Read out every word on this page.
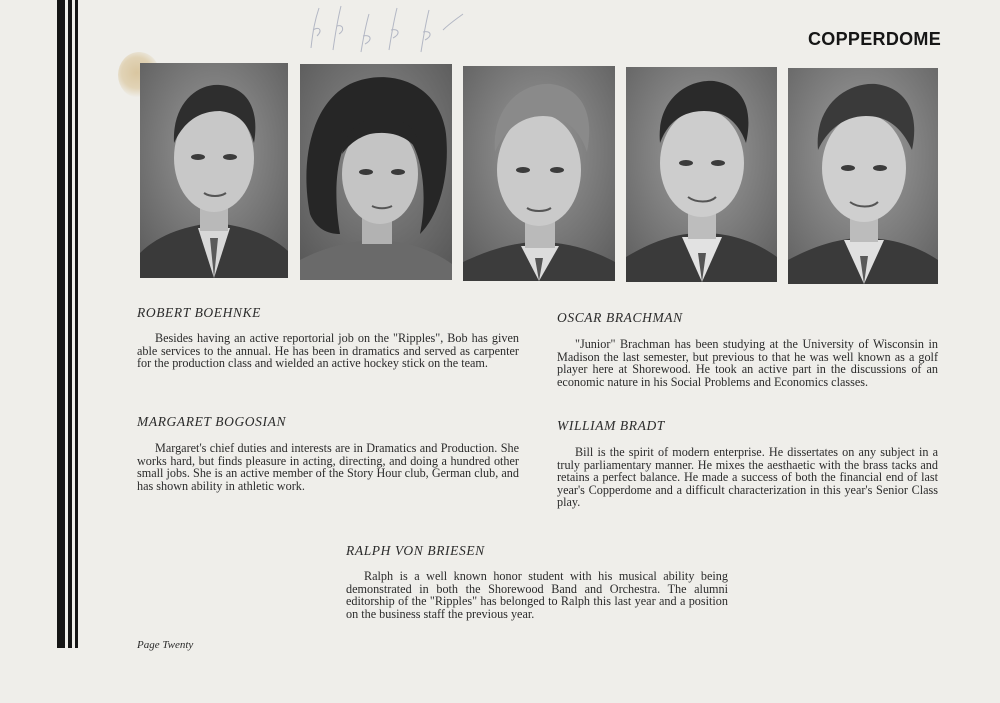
COPPERDOME
ROBERT BOEHNKE

Besides having an active reportorial job on the "Ripples", Bob has given able services to the annual. He has been in dramatics and served as carpenter for the production class and wielded an active hockey stick on the team.

MARGARET BOGOSIAN

Margaret's chief duties and interests are in Dramatics and Production. She works hard, but finds pleasure in acting, directing, and doing a hundred other small jobs. She is an active member of the Story Hour club, German club, and has shown ability in athletic work.

OSCAR BRACHMAN

"Junior" Brachman has been studying at the University of Wisconsin in Madison the last semester, but previous to that he was well known as a golf player here at Shorewood. He took an active part in the discussions of an economic nature in his Social Problems and Economics classes.

WILLIAM BRADT

Bill is the spirit of modern enterprise. He dissertates on any subject in a truly parliamentary manner. He mixes the aesthaetic with the brass tacks and retains a perfect balance. He made a success of both the financial end of last year's Copperdome and a difficult characterization in this year's Senior Class play.

RALPH VON BRIESEN

Ralph is a well known honor student with his musical ability being demonstrated in both the Shorewood Band and Orchestra. The alumni editorship of the "Ripples" has belonged to Ralph this last year and a position on the business staff the previous year.

Page Twenty
